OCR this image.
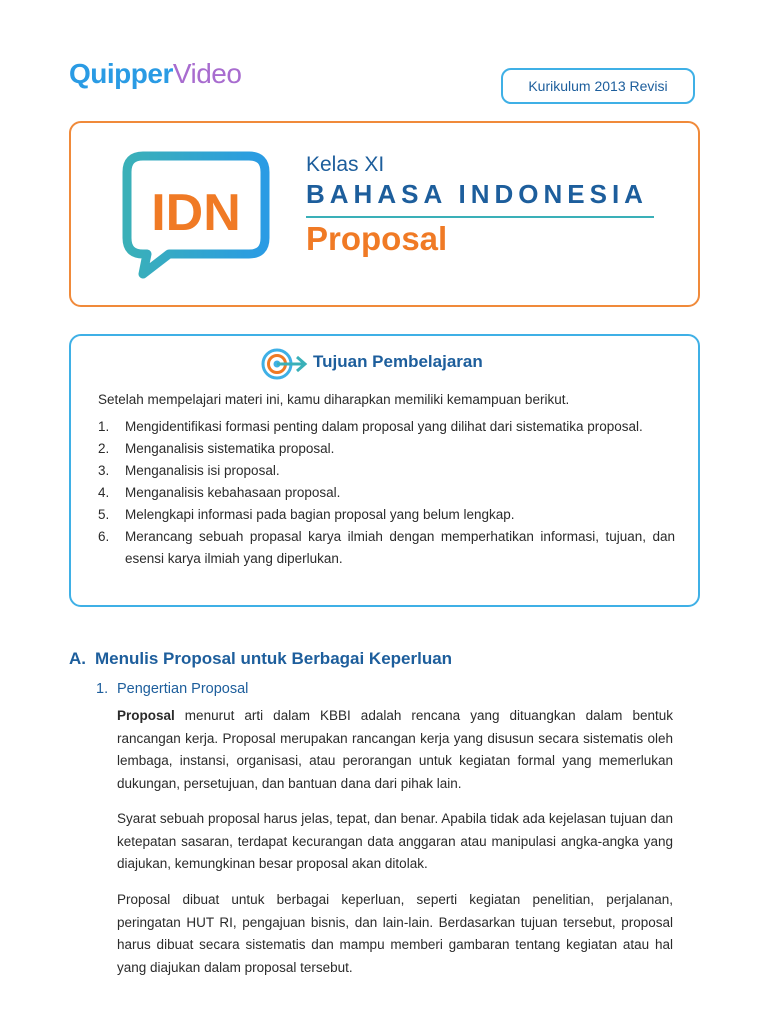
QuipperVideo	Kurikulum 2013 Revisi
IDN
Kelas XI
BAHASA INDONESIA
Proposal
Tujuan Pembelajaran
Setelah mempelajari materi ini, kamu diharapkan memiliki kemampuan berikut.
1. Mengidentifikasi formasi penting dalam proposal yang dilihat dari sistematika proposal.
2. Menganalisis sistematika proposal.
3. Menganalisis isi proposal.
4. Menganalisis kebahasaan proposal.
5. Melengkapi informasi pada bagian proposal yang belum lengkap.
6. Merancang sebuah propasal karya ilmiah dengan memperhatikan informasi, tujuan, dan esensi karya ilmiah yang diperlukan.
A. Menulis Proposal untuk Berbagai Keperluan
1. Pengertian Proposal

Proposal menurut arti dalam KBBI adalah rencana yang dituangkan dalam bentuk rancangan kerja. Proposal merupakan rancangan kerja yang disusun secara sistematis oleh lembaga, instansi, organisasi, atau perorangan untuk kegiatan formal yang memerlukan dukungan, persetujuan, dan bantuan dana dari pihak lain.

Syarat sebuah proposal harus jelas, tepat, dan benar. Apabila tidak ada kejelasan tujuan dan ketepatan sasaran, terdapat kecurangan data anggaran atau manipulasi angka-angka yang diajukan, kemungkinan besar proposal akan ditolak.

Proposal dibuat untuk berbagai keperluan, seperti kegiatan penelitian, perjalanan, peringatan HUT RI, pengajuan bisnis, dan lain-lain. Berdasarkan tujuan tersebut, proposal harus dibuat secara sistematis dan mampu memberi gambaran tentang kegiatan atau hal yang diajukan dalam proposal tersebut.
